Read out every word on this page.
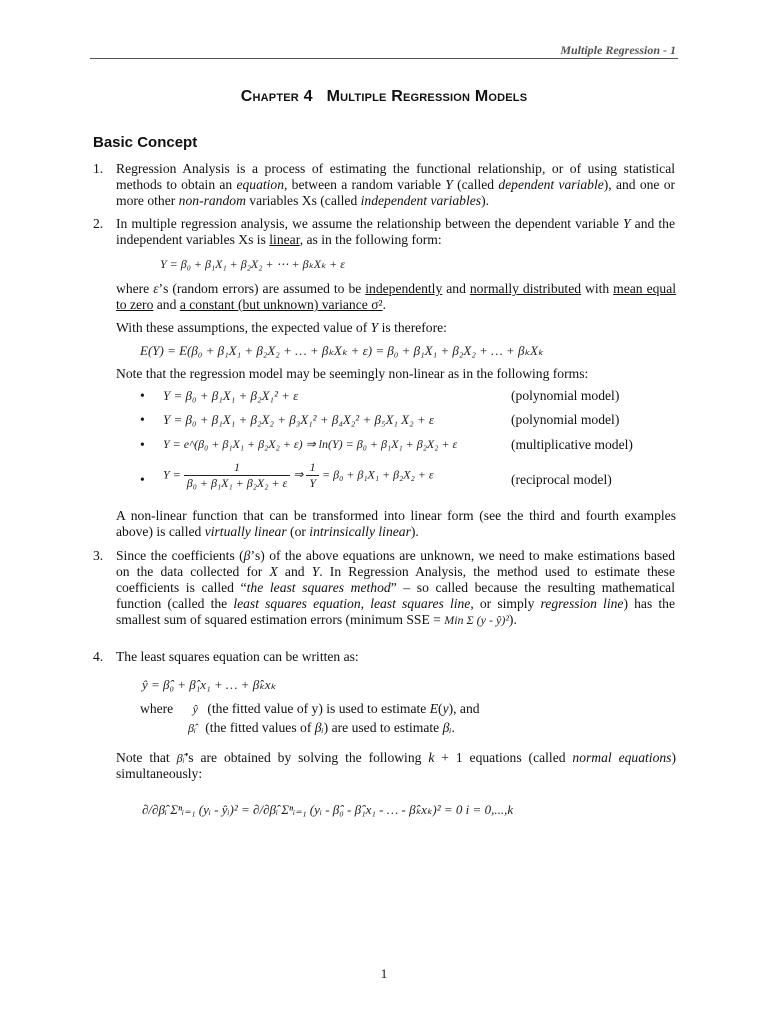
Multiple Regression - 1
Chapter 4 Multiple Regression Models
Basic Concept
1. Regression Analysis is a process of estimating the functional relationship, or of using statistical methods to obtain an equation, between a random variable Y (called dependent variable), and one or more other non-random variables Xs (called independent variables).
2. In multiple regression analysis, we assume the relationship between the dependent variable Y and the independent variables Xs is linear, as in the following form:
Y = β₀ + β₁X₁ + β₂X₂ + ⋯ + βₖXₖ + ε
where ε’s (random errors) are assumed to be independently and normally distributed with mean equal to zero and a constant (but unknown) variance σ².
With these assumptions, the expected value of Y is therefore:
E(Y) = E(β₀ + β₁X₁ + β₂X₂ + … + βₖXₖ + ε) = β₀ + β₁X₁ + β₂X₂ + … + βₖXₖ
Note that the regression model may be seemingly non-linear as in the following forms:
• Y = β₀ + β₁X₁ + β₂X₁² + ε	(polynomial model)
• Y = β₀ + β₁X₁ + β₂X₂ + β₃X₁² + β₄X₂² + β₅X₁ X₂ + ε	(polynomial model)
• Y = e^(β₀ + β₁X₁ + β₂X₂ + ε) ⇒ ln(Y) = β₀ + β₁X₁ + β₂X₂ + ε	(multiplicative model)
• $Y = \frac{1}{\text{β₀ + β₁X₁ + β₂X₂ + ε}}$ ⇒ $\frac{1}{Y} = \beta_0 + \beta_1X_1 + \beta_2X_2 + \varepsilon$	(reciprocal model)
A non-linear function that can be transformed into linear form (see the third and fourth examples above) is called virtually linear (or intrinsically linear).
3. Since the coefficients (β’s) of the above equations are unknown, we need to make estimations based on the data collected for X and Y. In Regression Analysis, the method used to estimate these coefficients is called “the least squares method” – so called because the resulting mathematical function (called the least squares equation, least squares line, or simply regression line) has the smallest sum of squared estimation errors (minimum SSE = Min Σ (y - ŷ)²).
4. The least squares equation can be written as:
ŷ = β̂₀ + β̂₁x₁ + … + β̂ₖxₖ
where ŷ (the fitted value of y) is used to estimate E(y), and
β̂ᵢ (the fitted values of βᵢ) are used to estimate βᵢ.
Note that β̂ᵢ’s are obtained by solving the following k + 1 equations (called normal equations) simultaneously:
∂/∂β̂ᵢ Σⁿᵢ₌₁ (yᵢ - ŷᵢ)² = ∂/∂β̂ᵢ Σⁿᵢ₌₁ (yᵢ - β̂₀ - β̂₁x₁ - … - β̂ₖxₖ)² = 0 i = 0,...,k
1
